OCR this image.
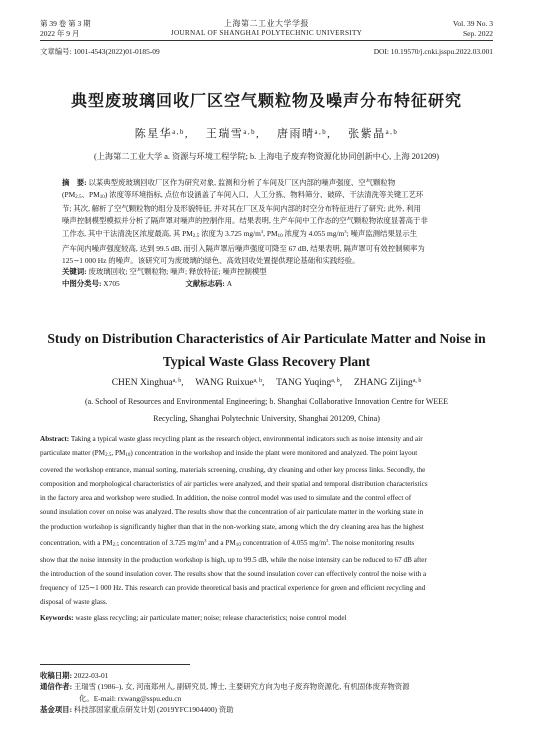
第 39 卷 第 3 期
2022 年 9 月
上海第二工业大学学报
JOURNAL OF SHANGHAI POLYTECHNIC UNIVERSITY
Vol. 39 No. 3
Sep. 2022
文章编号: 1001-4543(2022)01-0185-09	DOI: 10.19570/j.cnki.jsspu.2022.03.001
典型废玻璃回收厂区空气颗粒物及噪声分布特征研究
陈星华$^{a,b}$,  王瑞雪$^{a,b}$,  唐雨晴$^{a,b}$,  张紫晶$^{a,b}$
(上海第二工业大学 a. 资源与环境工程学院; b. 上海电子废弃物资源化协同创新中心, 上海 201209)
摘　要: 以某典型废玻璃回收厂区作为研究对象, 监测和分析了车间及厂区内部的噪声强度、空气颗粒物
(PM2.5、PM10) 浓度等环境指标, 点位布设涵盖了车间入口、人工分拣、物料筛分、破碎、干法清洗等关键工艺环
节; 其次, 解析了空气颗粒物的组分及形貌特征, 并对其在厂区及车间内部的时空分布特征进行了研究; 此外, 利用
噪声控制模型模拟并分析了隔声罩对噪声的控制作用。结果表明, 生产车间中工作态的空气颗粒物浓度显著高于非
工作态, 其中干法清洗区浓度最高, 其 PM2.5 浓度为 3.725 $mg/m^3$, PM10 浓度为 4.055 $mg/m^3$; 噪声监测结果显示生
产车间内噪声强度较高, 达到 99.5 dB, 而引入隔声罩后噪声强度可降至 67 dB, 结果表明, 隔声罩可有效控制频率为
125∼1 000 Hz 的噪声。该研究可为废玻璃的绿色、高效回收处置提供理论基础和实践经验。
关键词: 废玻璃回收; 空气颗粒物; 噪声; 释放特征; 噪声控制模型
中图分类号: X705	文献标志码: A
Study on Distribution Characteristics of Air Particulate Matter and Noise in
Typical Waste Glass Recovery Plant
CHEN Xinghua$^{a, b}$,  WANG Ruixue$^{a, b}$,  TANG Yuqing$^{a, b}$,  ZHANG Zijing$^{a, b}$
(a. School of Resources and Environmental Engineering; b. Shanghai Collaborative Innovation Centre for WEEE
Recycling, Shanghai Polytechnic University, Shanghai 201209, China)
Abstract: Taking a typical waste glass recycling plant as the research object, environmental indicators such as noise intensity and air
particulate matter (PM2.5, PM10) concentration in the workshop and inside the plant were monitored and analyzed. The point layout
covered the workshop entrance, manual sorting, materials screening, crushing, dry cleaning and other key process links. Secondly, the
composition and morphological characteristics of air particles were analyzed, and their spatial and temporal distribution characteristics
in the factory area and workshop were studied. In addition, the noise control model was used to simulate and the control effect of
sound insulation cover on noise was analyzed. The results show that the concentration of air particulate matter in the working state in
the production workshop is significantly higher than that in the non-working state, among which the dry cleaning area has the highest
concentration, with a PM2.5 concentration of 3.725 $mg/m^3$ and a PM10 concentration of 4.055 $mg/m^3$. The noise monitoring results
show that the noise intensity in the production workshop is high, up to 99.5 dB, while the noise intensity can be reduced to 67 dB after
the introduction of the sound insulation cover. The results show that the sound insulation cover can effectively control the noise with a
frequency of 125∼1 000 Hz. This research can provide theoretical basis and practical experience for green and efficient recycling and
disposal of waste glass.
Keywords: waste glass recycling; air particulate matter; noise; release characteristics; noise control model
收稿日期: 2022-03-01
通信作者: 王瑞雪 (1986–), 女, 河南郑州人, 副研究员, 博士, 主要研究方向为电子废弃物资源化, 有机固体废弃物资源
化。E-mail: rxwang@sspu.edu.cn
基金项目: 科技部国家重点研发计划 (2019YFC1904400) 资助
